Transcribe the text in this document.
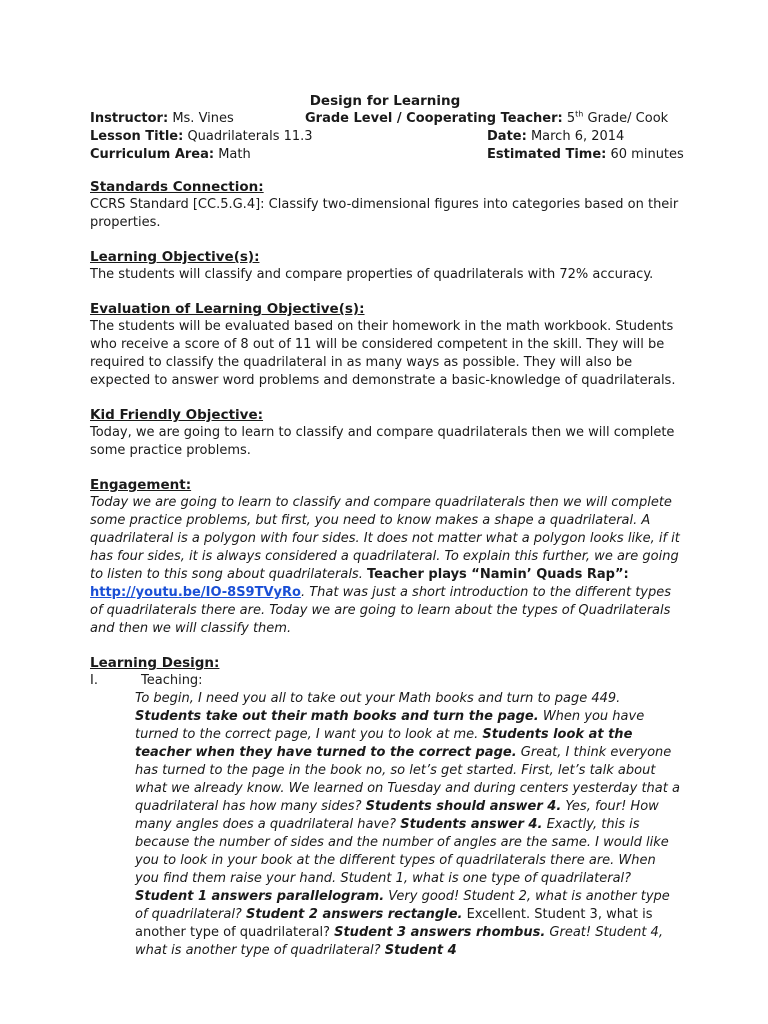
Design for Learning
Instructor: Ms. Vines	Grade Level / Cooperating Teacher: 5th Grade/ Cook
Lesson Title: Quadrilaterals 11.3	Date: March 6, 2014
Curriculum Area: Math	Estimated Time: 60 minutes
Standards Connection:

CCRS Standard [CC.5.G.4]: Classify two-dimensional figures into categories based on their properties.

Learning Objective(s):

The students will classify and compare properties of quadrilaterals with 72% accuracy.

Evaluation of Learning Objective(s):

The students will be evaluated based on their homework in the math workbook. Students who receive a score of 8 out of 11 will be considered competent in the skill. They will be required to classify the quadrilateral in as many ways as possible. They will also be expected to answer word problems and demonstrate a basic-knowledge of quadrilaterals.

Kid Friendly Objective:

Today, we are going to learn to classify and compare quadrilaterals then we will complete some practice problems.

Engagement:

Today we are going to learn to classify and compare quadrilaterals then we will complete some practice problems, but first, you need to know makes a shape a quadrilateral. A quadrilateral is a polygon with four sides. It does not matter what a polygon looks like, if it has four sides, it is always considered a quadrilateral. To explain this further, we are going to listen to this song about quadrilaterals. Teacher plays “Namin’ Quads Rap”: http://youtu.be/IO-8S9TVyRo. That was just a short introduction to the different types of quadrilaterals there are. Today we are going to learn about the types of Quadrilaterals and then we will classify them.

Learning Design:
I.	Teaching:

To begin, I need you all to take out your Math books and turn to page 449. Students take out their math books and turn the page. When you have turned to the correct page, I want you to look at me. Students look at the teacher when they have turned to the correct page. Great, I think everyone has turned to the page in the book no, so let’s get started. First, let’s talk about what we already know. We learned on Tuesday and during centers yesterday that a quadrilateral has how many sides? Students should answer 4. Yes, four! How many angles does a quadrilateral have? Students answer 4. Exactly, this is because the number of sides and the number of angles are the same. I would like you to look in your book at the different types of quadrilaterals there are. When you find them raise your hand. Student 1, what is one type of quadrilateral? Student 1 answers parallelogram. Very good! Student 2, what is another type of quadrilateral? Student 2 answers rectangle. Excellent. Student 3, what is another type of quadrilateral? Student 3 answers rhombus. Great! Student 4, what is another type of quadrilateral? Student 4
